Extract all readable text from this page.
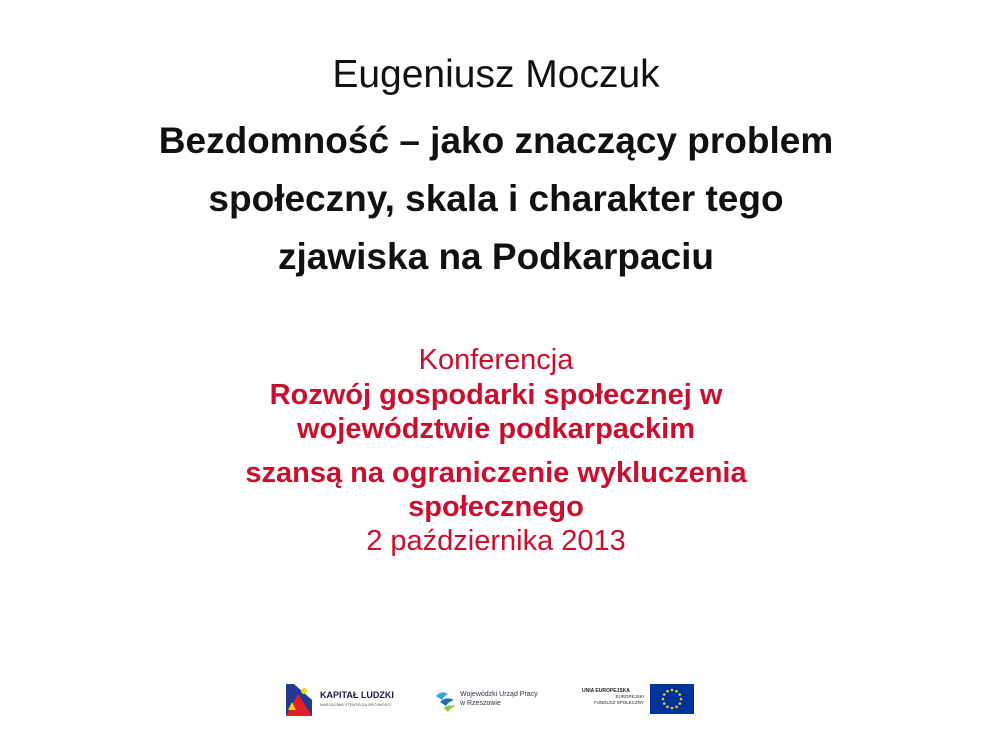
Eugeniusz Moczuk
Bezdomność – jako znaczący problem
społeczny, skala i charakter tego
zjawiska na Podkarpaciu
Konferencja
Rozwój gospodarki społecznej w
województwie podkarpackim
szansą na ograniczenie wykluczenia
społecznego
2 października 2013
KAPITAŁ LUDZKI
NARODOWA STRATEGIA SPÓJNOŚCI
Wojewódzki Urząd Pracy
w Rzeszowie
UNIA EUROPEJSKA
EUROPEJSKI
FUNDUSZ SPOŁECZNY
